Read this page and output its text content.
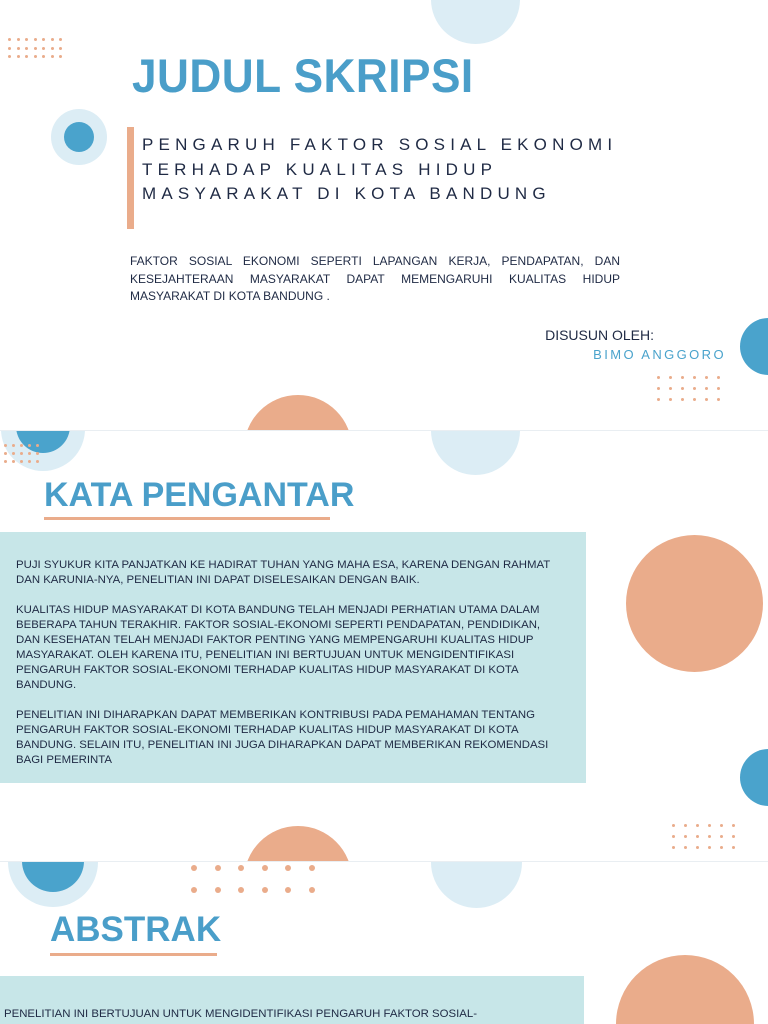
JUDUL SKRIPSI

PENGARUH FAKTOR SOSIAL EKONOMI TERHADAP KUALITAS HIDUP MASYARAKAT DI KOTA BANDUNG

FAKTOR SOSIAL EKONOMI SEPERTI LAPANGAN KERJA, PENDAPATAN, DAN KESEJAHTERAAN MASYARAKAT DAPAT MEMENGARUHI KUALITAS HIDUP MASYARAKAT DI KOTA BANDUNG .

DISUSUN OLEH:
BIMO ANGGORO
KATA PENGANTAR

PUJI SYUKUR KITA PANJATKAN KE HADIRAT TUHAN YANG MAHA ESA, KARENA DENGAN RAHMAT DAN KARUNIA-NYA, PENELITIAN INI DAPAT DISELESAIKAN DENGAN BAIK.

KUALITAS HIDUP MASYARAKAT DI KOTA BANDUNG TELAH MENJADI PERHATIAN UTAMA DALAM BEBERAPA TAHUN TERAKHIR. FAKTOR SOSIAL-EKONOMI SEPERTI PENDAPATAN, PENDIDIKAN, DAN KESEHATAN TELAH MENJADI FAKTOR PENTING YANG MEMPENGARUHI KUALITAS HIDUP MASYARAKAT. OLEH KARENA ITU, PENELITIAN INI BERTUJUAN UNTUK MENGIDENTIFIKASI PENGARUH FAKTOR SOSIAL-EKONOMI TERHADAP KUALITAS HIDUP MASYARAKAT DI KOTA BANDUNG.

PENELITIAN INI DIHARAPKAN DAPAT MEMBERIKAN KONTRIBUSI PADA PEMAHAMAN TENTANG PENGARUH FAKTOR SOSIAL-EKONOMI TERHADAP KUALITAS HIDUP MASYARAKAT DI KOTA BANDUNG. SELAIN ITU, PENELITIAN INI JUGA DIHARAPKAN DAPAT MEMBERIKAN REKOMENDASI BAGI PEMERINTA

ABSTRAK

PENELITIAN INI BERTUJUAN UNTUK MENGIDENTIFIKASI PENGARUH FAKTOR SOSIAL-
